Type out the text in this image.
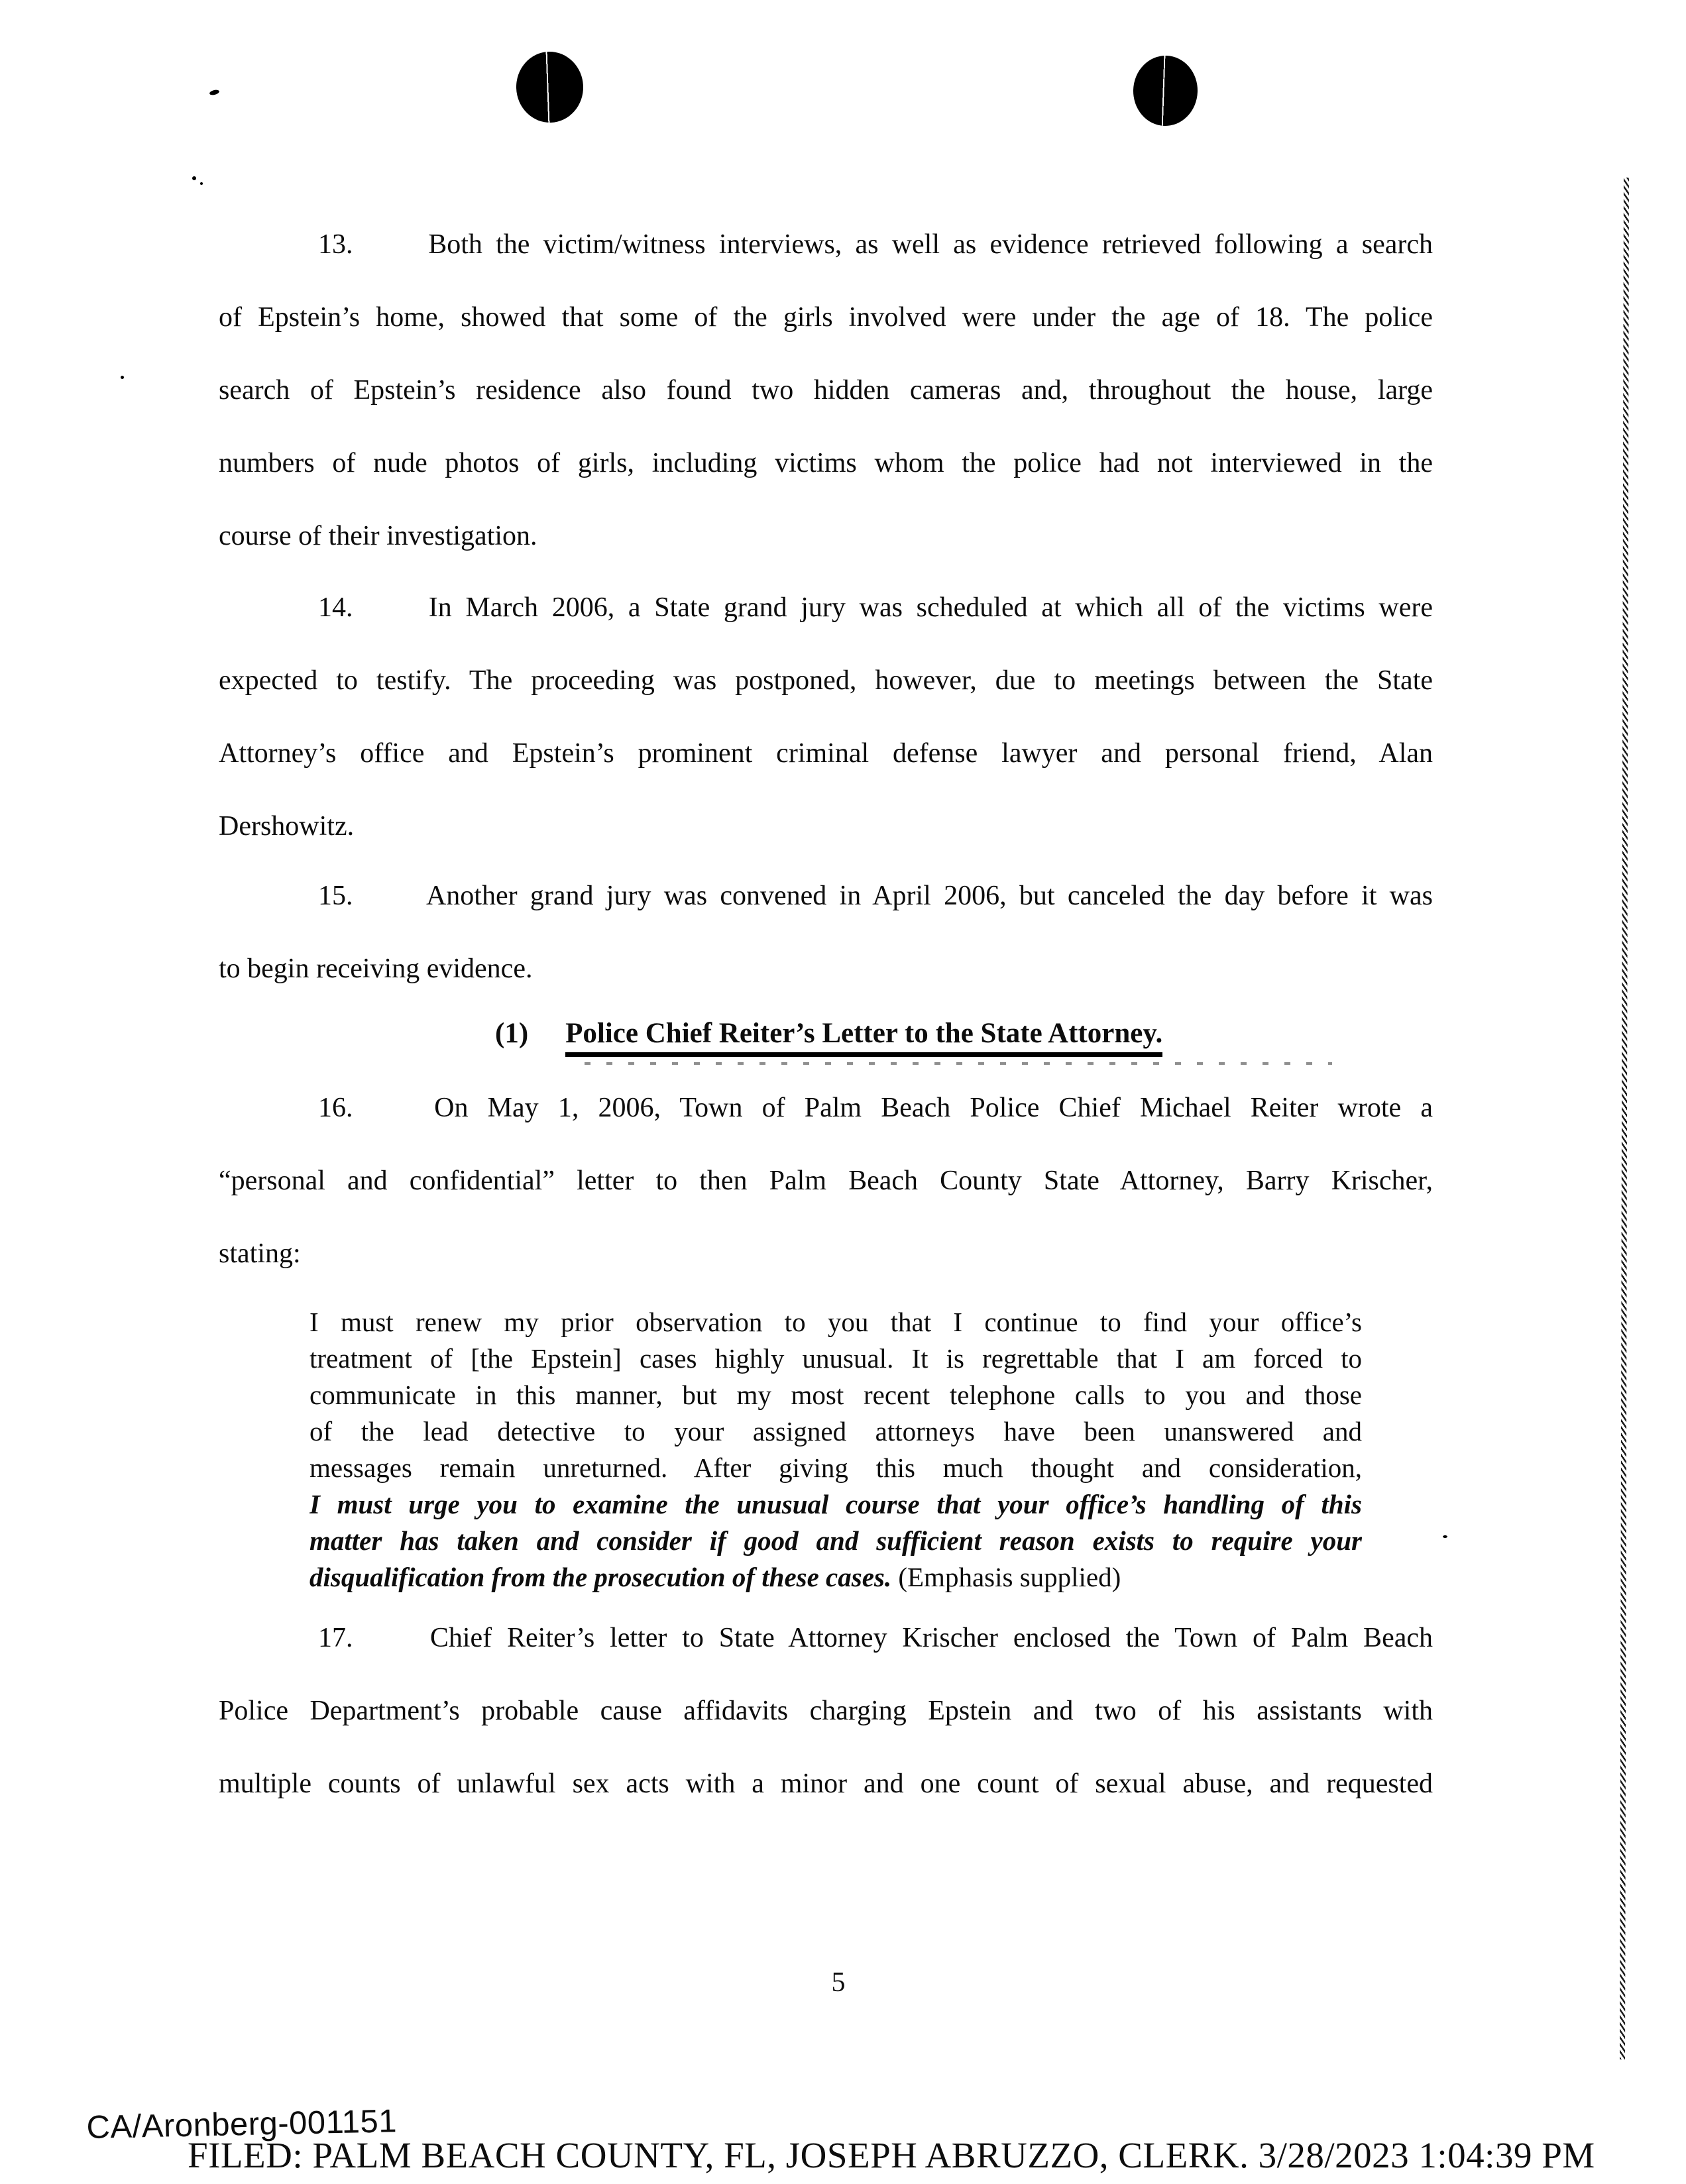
13.	Both the victim/witness interviews, as well as evidence retrieved following a search
of Epstein’s home, showed that some of the girls involved were under the age of 18. The police
search of Epstein’s residence also found two hidden cameras and, throughout the house, large
numbers of nude photos of girls, including victims whom the police had not interviewed in the
course of their investigation.
14.	In March 2006, a State grand jury was scheduled at which all of the victims were
expected to testify. The proceeding was postponed, however, due to meetings between the State
Attorney’s office and Epstein’s prominent criminal defense lawyer and personal friend, Alan
Dershowitz.
15.	Another grand jury was convened in April 2006, but canceled the day before it was
to begin receiving evidence.
(1) Police Chief Reiter’s Letter to the State Attorney.
16.	On May 1, 2006, Town of Palm Beach Police Chief Michael Reiter wrote a
“personal and confidential” letter to then Palm Beach County State Attorney, Barry Krischer,
stating:
I must renew my prior observation to you that I continue to find your office’s
treatment of [the Epstein] cases highly unusual. It is regrettable that I am forced to
communicate in this manner, but my most recent telephone calls to you and those
of the lead detective to your assigned attorneys have been unanswered and
messages remain unreturned. After giving this much thought and consideration,
I must urge you to examine the unusual course that your office’s handling of this
matter has taken and consider if good and sufficient reason exists to require your
disqualification from the prosecution of these cases. (Emphasis supplied)
17.	Chief Reiter’s letter to State Attorney Krischer enclosed the Town of Palm Beach
Police Department’s probable cause affidavits charging Epstein and two of his assistants with
multiple counts of unlawful sex acts with a minor and one count of sexual abuse, and requested
5
CA/Aronberg-001151
FILED: PALM BEACH COUNTY, FL, JOSEPH ABRUZZO, CLERK. 3/28/2023 1:04:39 PM
